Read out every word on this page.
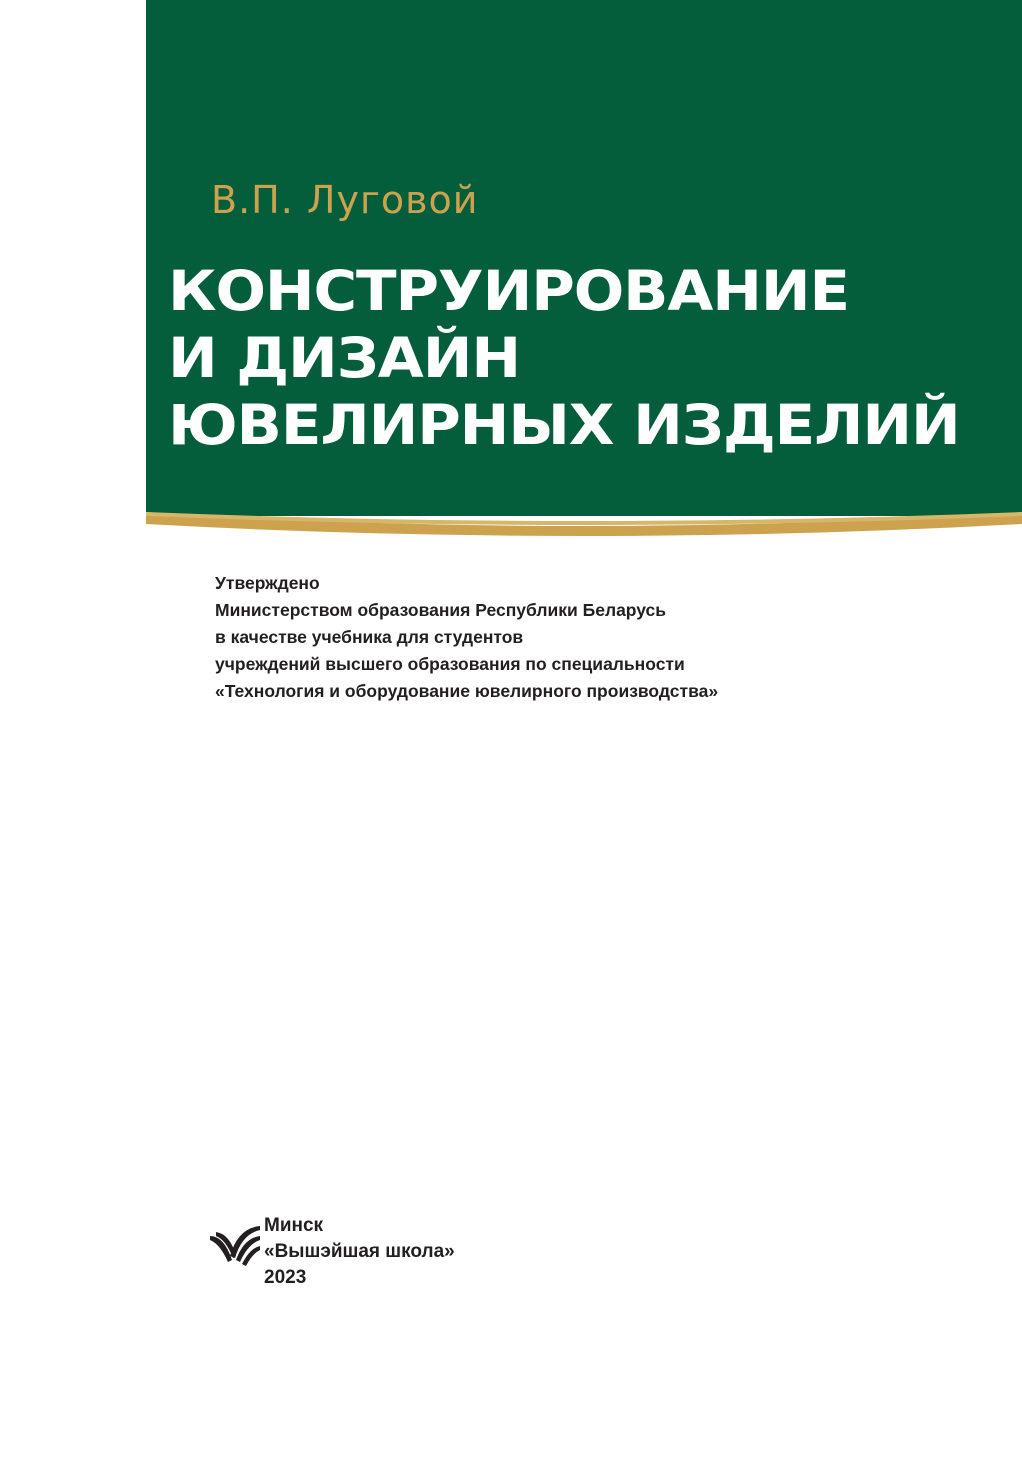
В.П. Луговой
КОНСТРУИРОВАНИЕ
И ДИЗАЙН
ЮВЕЛИРНЫХ ИЗДЕЛИЙ
Утверждено
Министерством образования Республики Беларусь
в качестве учебника для студентов
учреждений высшего образования по специальности
«Технология и оборудование ювелирного производства»
Минск
«Вышэйшая школа»
2023
